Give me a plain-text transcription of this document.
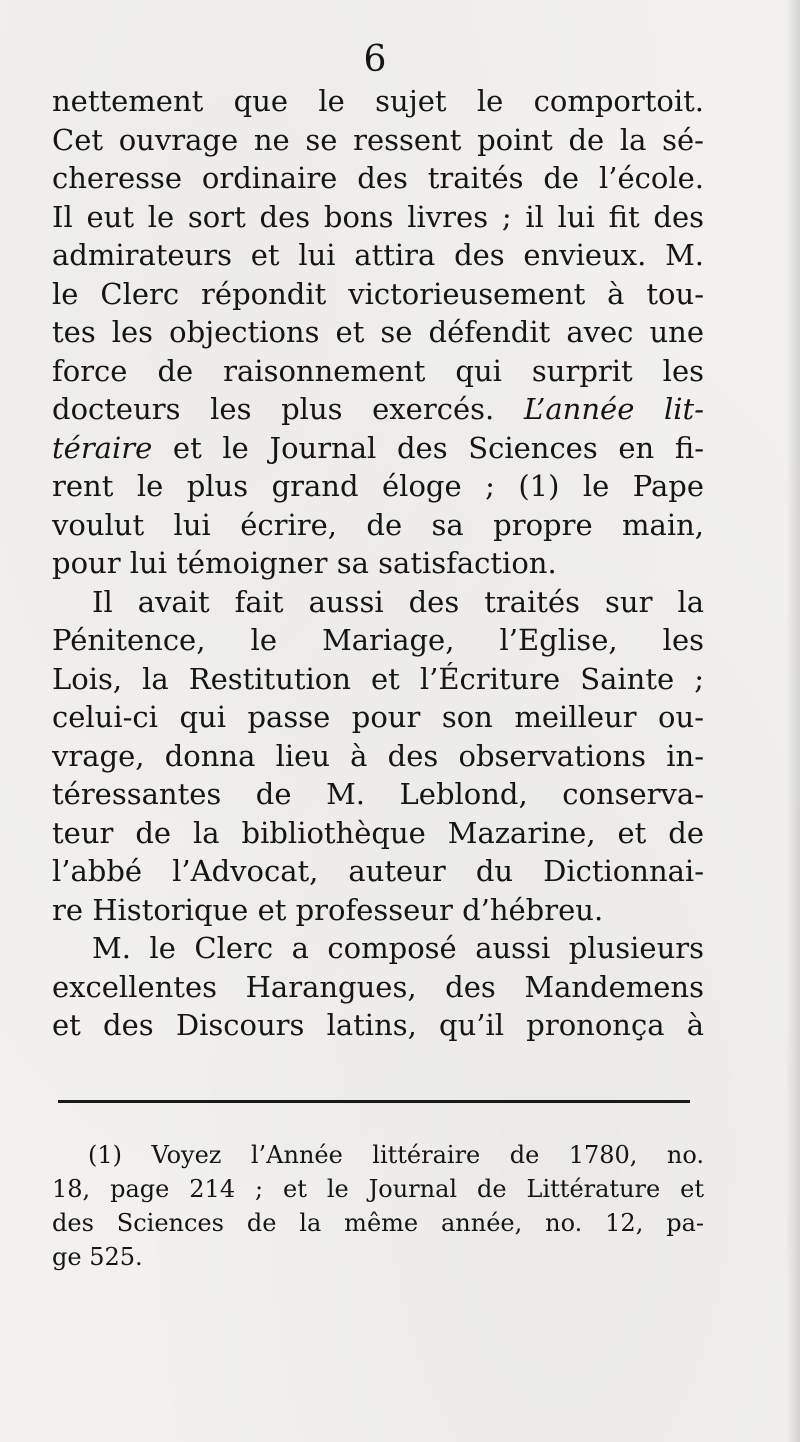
6
nettement que le sujet le comportoit.
Cet ouvrage ne se ressent point de la sé-
cheresse ordinaire des traités de l’école.
Il eut le sort des bons livres ; il lui fit des
admirateurs et lui attira des envieux. M.
le Clerc répondit victorieusement à tou-
tes les objections et se défendit avec une
force de raisonnement qui surprit les
docteurs les plus exercés. L’année lit-
téraire et le Journal des Sciences en fi-
rent le plus grand éloge ; (1) le Pape
voulut lui écrire, de sa propre main,
pour lui témoigner sa satisfaction.
Il avait fait aussi des traités sur la
Pénitence, le Mariage, l’Eglise, les
Lois, la Restitution et l’Écriture Sainte ;
celui-ci qui passe pour son meilleur ou-
vrage, donna lieu à des observations in-
téressantes de M. Leblond, conserva-
teur de la bibliothèque Mazarine, et de
l’abbé l’Advocat, auteur du Dictionnai-
re Historique et professeur d’hébreu.
M. le Clerc a composé aussi plusieurs
excellentes Harangues, des Mandemens
et des Discours latins, qu’il prononça à
(1) Voyez l’Année littéraire de 1780, no.
18, page 214 ; et le Journal de Littérature et
des Sciences de la même année, no. 12, pa-
ge 525.
